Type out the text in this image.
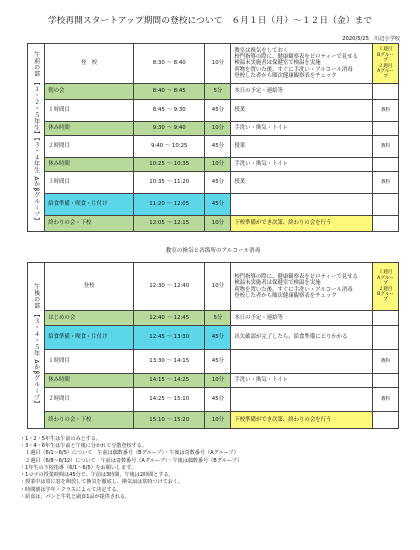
学校再開スタートアップ期間の登校について　６月１日（月）～１２日（金）まで
2020/5/25　川辺小学校
午前の部 【１・２・５年生】【３・４年生 Aかβグループ】	登　校	8:30 〜 8:40	10分	教室は換気をしておく
校門指導の際に、健康観察表をピロティーで見せる
検温未実施者は保健室で検温を実施
荷物を置いた後、すぐに手洗い・アルコール消毒
登校した者から順次健康観察表をチェック	１週目
Bグループ
２週目
Aグループ
	朝の会	8:40 〜 8:45	5分	本日の予定・連絡等	
	１時間目	8:45 〜 9:30	45分	授業	教科
	休み時間	9:30 〜 9:40	10分	手洗い・換気・トイレ	
	２時間目	9:40 〜 10:25	45分	授業	教科
	休み時間	10:25 〜 10:35	10分	手洗い・換気・トイレ	
	３時間目	10:35 〜 11:20	45分	授業	教科
	給食準備・喫食・片付け	11:20 〜 12:05	45分		
	終わりの会・下校	12:05 〜 12:15	10分	下校準備ができ次第、終わりの会を行う	
教室の換気と各箇所のアルコール消毒
午後の部 【３・４・５年 Aかβグループ】	登校	12:30 〜 12:40	10分	校門指導の際に、健康観察表をピロティーで見せる
検温未実施者は保健室で検温を実施
荷物を置いた後、すぐに手洗い・アルコール消毒
登校した者から順次健康観察表をチェック	１週目
Aグループ
２週目
Bグループ
	はじめの会	12:40 〜 12:45	5分	本日の予定・連絡等	
	給食準備・喫食・片付け	12:45 〜 13:30	45分	出欠確認が完了したら、給食準備にとりかかる	
	１時間目	13:30 〜 14:15	45分		教科
	休み時間	14:15 〜 14:25	10分	手洗い・換気・トイレ	
	２時間目	14:25 〜 15:10	45分		教科
	終わりの会・下校	15:10 〜 15:20	10分	下校準備ができ次第、終わりの会を行う	
・1・2・5年生は午前のみとする。
・3・4・6年生は午前と午後に分かれて分散登校する。
　１週目（6/1〜6/5）について　午前は偶数番号（Bグループ）・午後は奇数番号（Aグループ）
　２週目（6/8〜6/12）について　午前は奇数番号（Aグループ）・午後は偶数番号（Bグループ）
・1年生の下校指導（6/1〜6/5）をお願いします。
・1コマの授業時間は45分で、午前は3時間、午後は2時間とする。
・授業中は常に窓を開放して換気を徹底し、換気扇は常時つけておく。
・時間割は学年・クラスによって決定する。
・給食は、パンと牛乳と副食1品が提供される。
